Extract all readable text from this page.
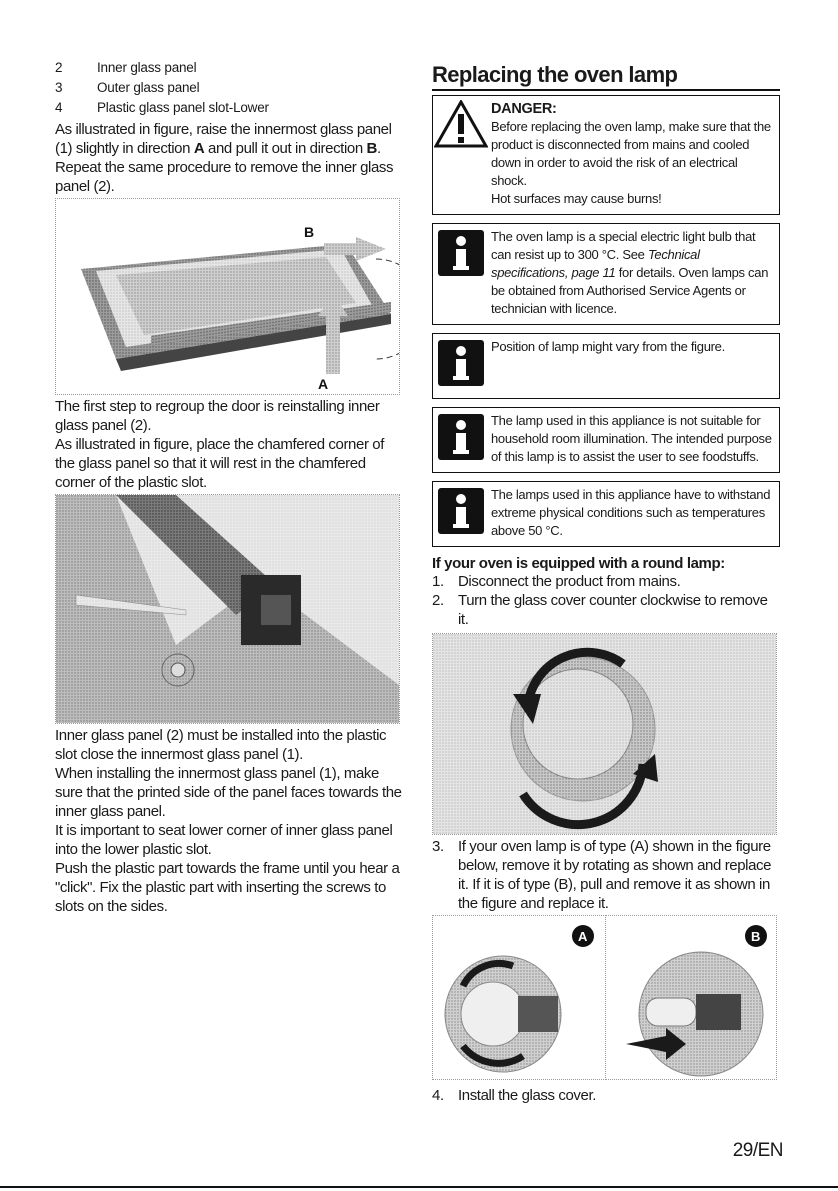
2	Inner glass panel
3	Outer glass panel
4	Plastic glass panel slot-Lower
As illustrated in figure, raise the innermost glass panel (1) slightly in direction A and pull it out in direction B. Repeat the same procedure to remove the inner glass panel (2).
B
A
The first step to regroup the door is reinstalling inner glass panel (2).
As illustrated in figure, place the chamfered corner of the glass panel so that it will rest in the chamfered corner of the plastic slot.
Inner glass panel (2) must be installed into the plastic slot close the innermost glass panel (1).
When installing the innermost glass panel (1), make sure that the printed side of the panel faces towards the inner glass panel.
It is important to seat lower corner of inner glass panel into the lower plastic slot.
Push the plastic part towards the frame until you hear a "click". Fix the plastic part with inserting the screws to slots on the sides.
Replacing the oven lamp
DANGER:
Before replacing the oven lamp, make sure that the product is disconnected from mains and cooled down in order to avoid the risk of an electrical shock.
Hot surfaces may cause burns!
The oven lamp is a special electric light bulb that can resist up to 300 °C. See Technical specifications, page 11 for details. Oven lamps can be obtained from Authorised Service Agents or technician with licence.
Position of lamp might vary from the figure.
The lamp used in this appliance is not suitable for household room illumination. The intended purpose of this lamp is to assist the user to see foodstuffs.
The lamps used in this appliance have to withstand extreme physical conditions such as temperatures above 50 °C.
If your oven is equipped with a round lamp:
1. Disconnect the product from mains.
2. Turn the glass cover counter clockwise to remove it.
3. If your oven lamp is of type (A) shown in the figure below, remove it by rotating as shown and replace it. If it is of type (B), pull and remove it as shown in the figure and replace it.
A	B
4. Install the glass cover.
29/EN
